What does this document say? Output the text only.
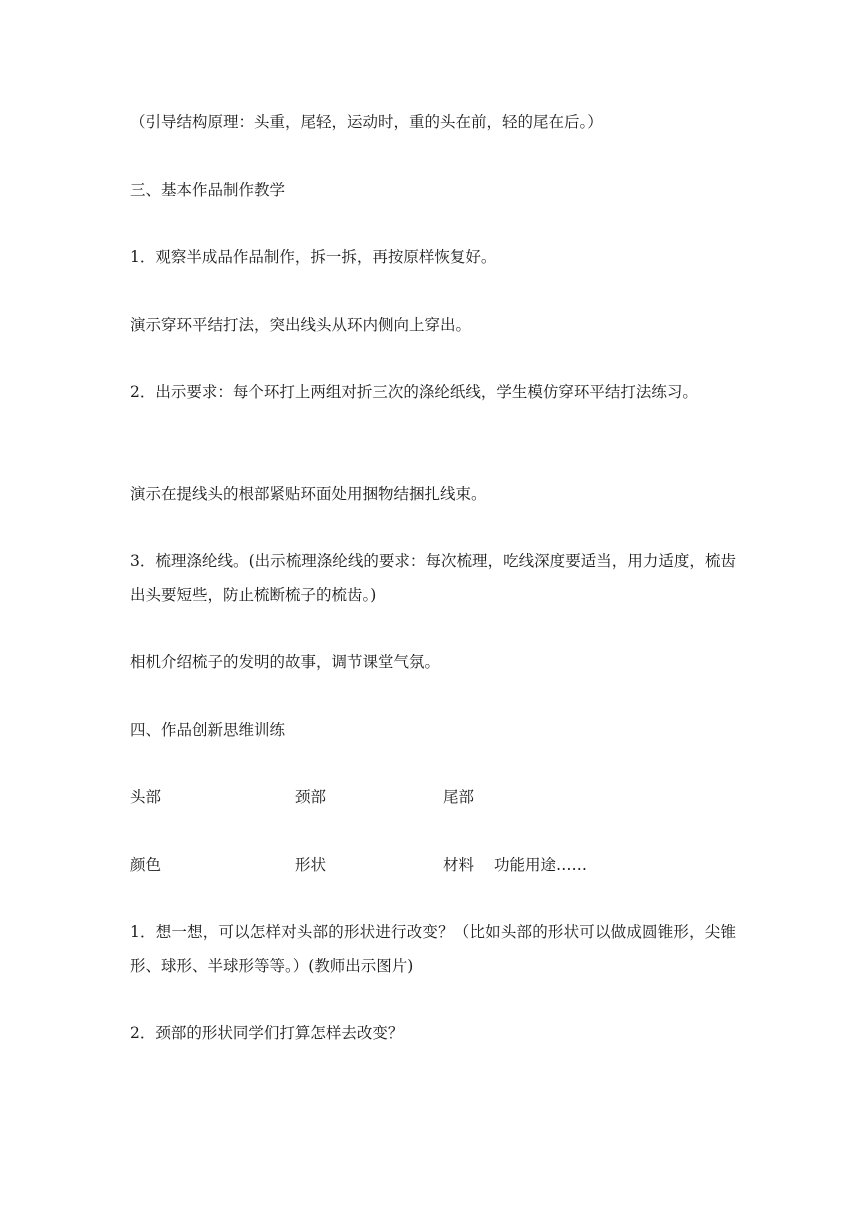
（引导结构原理：头重，尾轻，运动时，重的头在前，轻的尾在后。）
三、基本作品制作教学
1．观察半成品作品制作，拆一拆，再按原样恢复好。
演示穿环平结打法，突出线头从环内侧向上穿出。
2．出示要求：每个环打上两组对折三次的涤纶纸线，学生模仿穿环平结打法练习。
演示在提线头的根部紧贴环面处用捆物结捆扎线束。
3．梳理涤纶线。(出示梳理涤纶线的要求：每次梳理，吃线深度要适当，用力适度，梳齿出头要短些，防止梳断梳子的梳齿。)
相机介绍梳子的发明的故事，调节课堂气氛。
四、作品创新思维训练
头部	颈部	尾部
颜色	形状	材料 功能用途……
1．想一想，可以怎样对头部的形状进行改变？（比如头部的形状可以做成圆锥形，尖锥形、球形、半球形等等。）(教师出示图片)
2．颈部的形状同学们打算怎样去改变？
